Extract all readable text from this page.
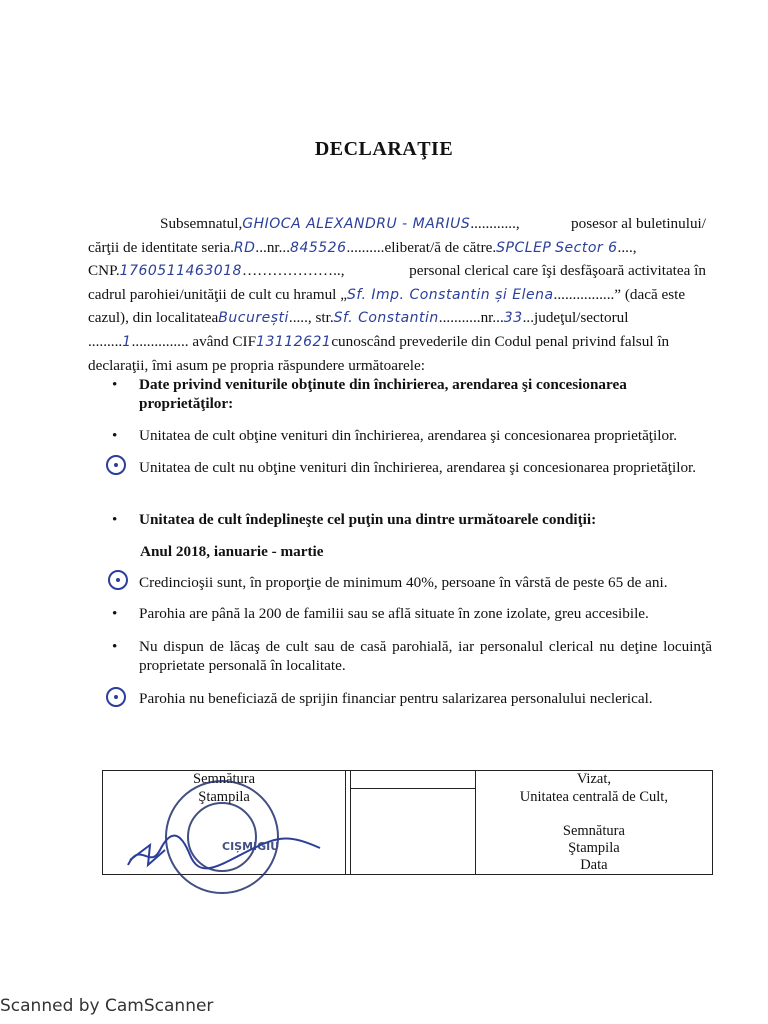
DECLARAŢIE
Subsemnatul,GHIOCA ALEXANDRU - MARIUS............,	posesor al buletinului/
cărţii de identitate seria.RD...nr...845526..........eliberat/ă de către.SPCLEP Sector 6....,
CNP.1760511463018………………..,	personal clerical care îşi desfăşoară activitatea în
cadrul parohiei/unităţii de cult cu hramul „Sf. Imp. Constantin și Elena................” (dacă este
cazul), din localitateaBucurești....., str.Sf. Constantin...........nr...33...judeţul/sectorul
.........1............... având CIF13112621cunoscând prevederile din Codul penal privind falsul în
declaraţii, îmi asum pe propria răspundere următoarele:
• Date privind veniturile obţinute din închirierea, arendarea şi concesionarea proprietăţilor:
• Unitatea de cult obţine venituri din închirierea, arendarea şi concesionarea proprietăţilor.
Unitatea de cult nu obţine venituri din închirierea, arendarea şi concesionarea proprietăţilor.
• Unitatea de cult îndeplineşte cel puţin una dintre următoarele condiţii:
Anul 2018, ianuarie - martie
Credincioşii sunt, în proporţie de minimum 40%, persoane în vârstă de peste 65 de ani.
• Parohia are până la 200 de familii sau se află situate în zone izolate, greu accesibile.
• Nu dispun de lăcaş de cult sau de casă parohială, iar personalul clerical nu deţine locuinţă proprietate personală în localitate.
Parohia nu beneficiază de sprijin financiar pentru salarizarea personalului neclerical.
Semnătura			Vizat,

Ştampila			Unitatea centrală de Cult,
Semnătura
Ştampila
Data
CIȘMIGIU
Scanned by CamScanner
